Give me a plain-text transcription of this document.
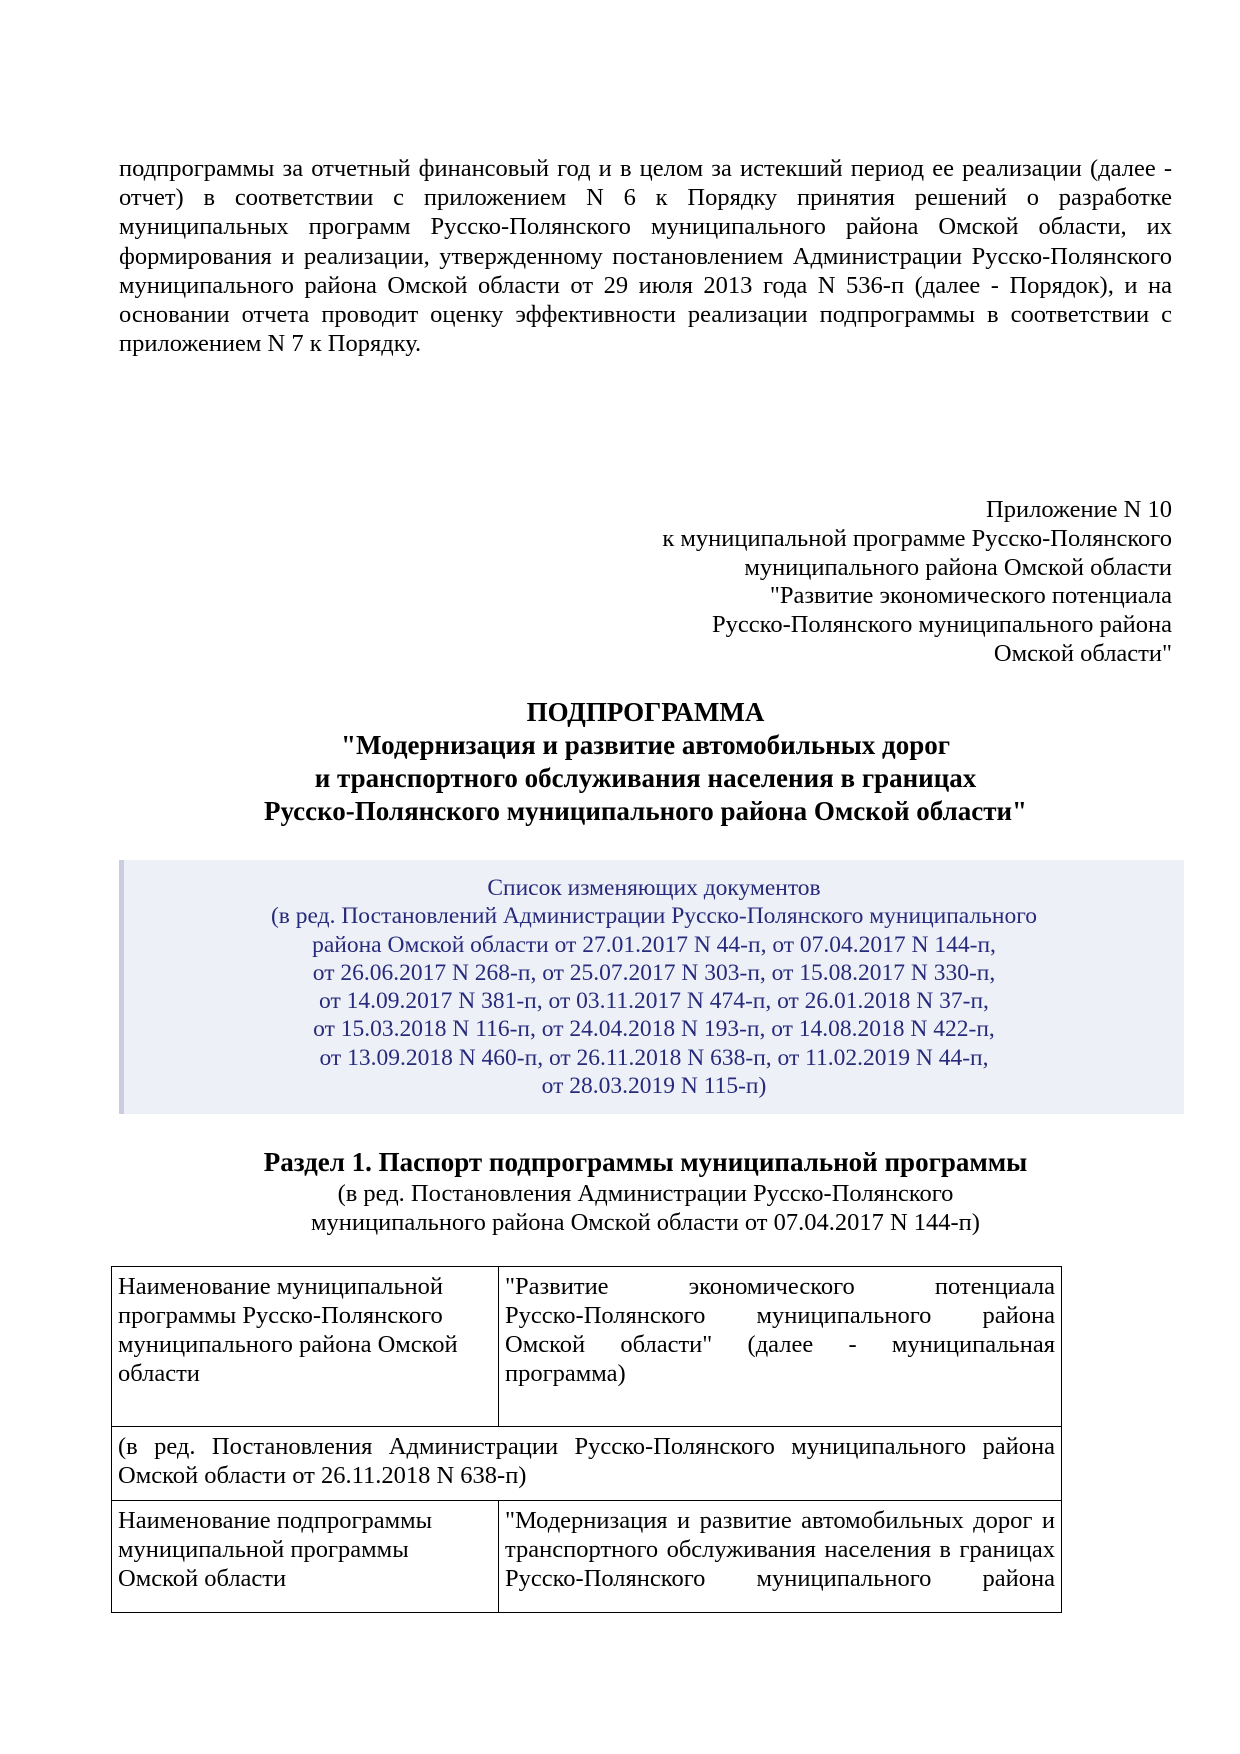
подпрограммы за отчетный финансовый год и в целом за истекший период ее реализации (далее -
отчет) в соответствии с приложением N 6 к Порядку принятия решений о разработке
муниципальных программ Русско-Полянского муниципального района Омской области, их
формирования и реализации, утвержденному постановлением Администрации Русско-Полянского
муниципального района Омской области от 29 июля 2013 года N 536-п (далее - Порядок), и на
основании отчета проводит оценку эффективности реализации подпрограммы в соответствии с
приложением N 7 к Порядку.
Приложение N 10
к муниципальной программе Русско-Полянского
муниципального района Омской области
"Развитие экономического потенциала
Русско-Полянского муниципального района
Омской области"
ПОДПРОГРАММА
"Модернизация и развитие автомобильных дорог
и транспортного обслуживания населения в границах
Русско-Полянского муниципального района Омской области"
Список изменяющих документов
(в ред. Постановлений Администрации Русско-Полянского муниципального
района Омской области от 27.01.2017 N 44-п, от 07.04.2017 N 144-п,
от 26.06.2017 N 268-п, от 25.07.2017 N 303-п, от 15.08.2017 N 330-п,
от 14.09.2017 N 381-п, от 03.11.2017 N 474-п, от 26.01.2018 N 37-п,
от 15.03.2018 N 116-п, от 24.04.2018 N 193-п, от 14.08.2018 N 422-п,
от 13.09.2018 N 460-п, от 26.11.2018 N 638-п, от 11.02.2019 N 44-п,
от 28.03.2019 N 115-п)
Раздел 1. Паспорт подпрограммы муниципальной программы
(в ред. Постановления Администрации Русско-Полянского
муниципального района Омской области от 07.04.2017 N 144-п)
Наименование муниципальной
программы Русско-Полянского
муниципального района Омской
области	"Развитие экономического потенциала
Русско-Полянского муниципального района
Омской области" (далее - муниципальная
программа)

(в ред. Постановления Администрации Русско-Полянского муниципального района
Омской области от 26.11.2018 N 638-п)	

Наименование подпрограммы
муниципальной программы
Омской области	"Модернизация и развитие автомобильных дорог и
транспортного обслуживания населения в границах
Русско-Полянского муниципального района
